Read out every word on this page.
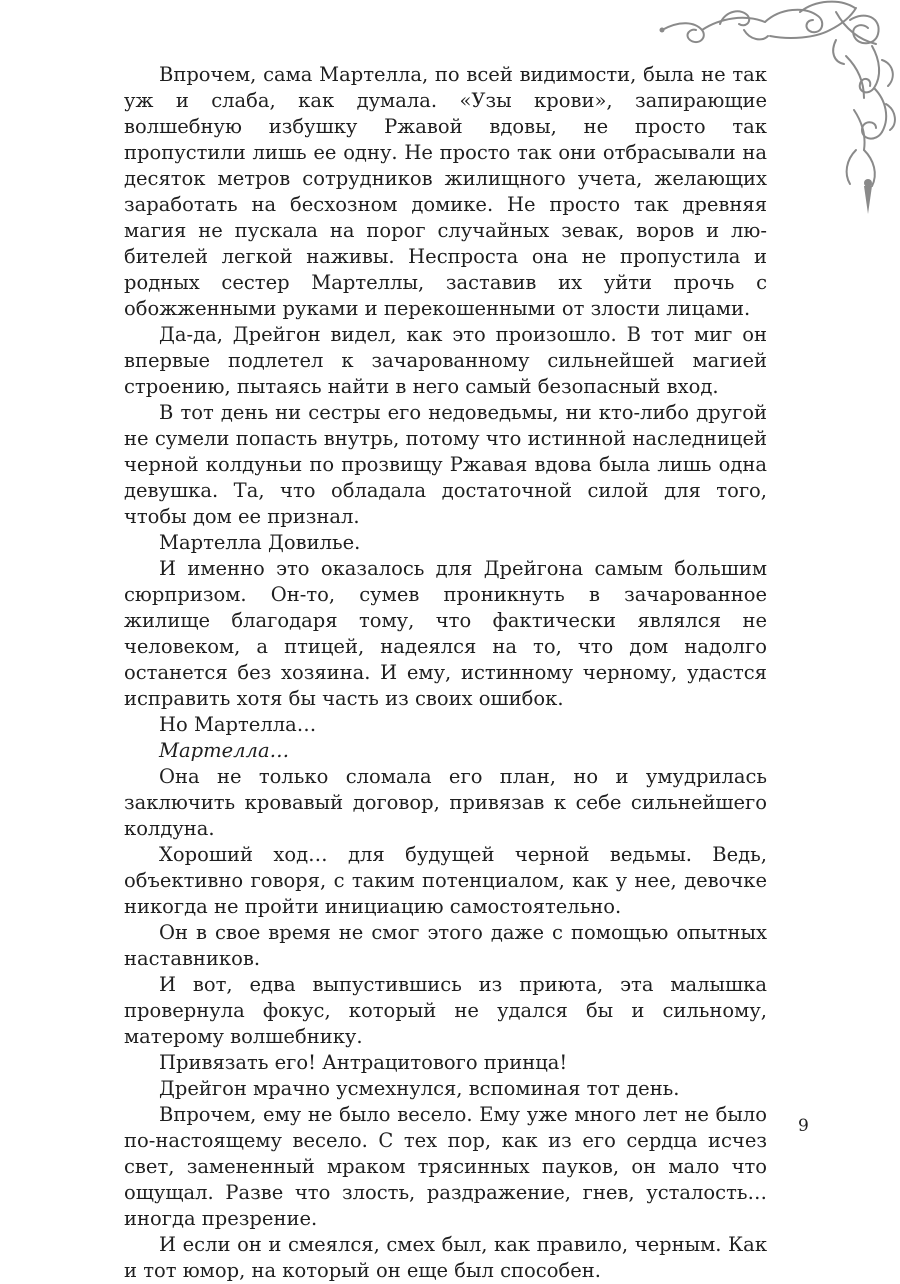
Впрочем, сама Мартелла, по всей видимости, была не так уж и слаба, как думала. «Узы крови», запирающие волшебную избушку Ржавой вдовы, не просто так пропустили лишь ее одну. Не просто так они отбрасывали на десяток метров сотрудников жилищного учета, желающих заработать на бесхозном домике. Не просто так древняя магия не пускала на порог случайных зевак, воров и любителей легкой наживы. Неспроста она не пропустила и родных сестер Мартеллы, заставив их уйти прочь с обожженными руками и перекошенными от злости лицами.

Да-да, Дрейгон видел, как это произошло. В тот миг он впервые подлетел к зачарованному сильнейшей магией строению, пытаясь найти в него самый безопасный вход.

В тот день ни сестры его недоведьмы, ни кто-либо другой не сумели попасть внутрь, потому что истинной наследницей черной колдуньи по прозвищу Ржавая вдова была лишь одна девушка. Та, что обладала достаточной силой для того, чтобы дом ее признал.

Мартелла Довилье.

И именно это оказалось для Дрейгона самым большим сюрпризом. Он-то, сумев проникнуть в зачарованное жилище благодаря тому, что фактически являлся не человеком, а птицей, надеялся на то, что дом надолго останется без хозяина. И ему, истинному черному, удастся исправить хотя бы часть из своих ошибок.

Но Мартелла…

Мартелла…

Она не только сломала его план, но и умудрилась заключить кровавый договор, привязав к себе сильнейшего колдуна.

Хороший ход… для будущей черной ведьмы. Ведь, объективно говоря, с таким потенциалом, как у нее, девочке никогда не пройти инициацию самостоятельно.

Он в свое время не смог этого даже с помощью опытных наставников.

И вот, едва выпустившись из приюта, эта малышка провернула фокус, который не удался бы и сильному, матерому волшебнику.

Привязать его! Антрацитового принца!

Дрейгон мрачно усмехнулся, вспоминая тот день.

Впрочем, ему не было весело. Ему уже много лет не было по-настоящему весело. С тех пор, как из его сердца исчез свет, замененный мраком трясинных пауков, он мало что ощущал. Разве что злость, раздражение, гнев, усталость… иногда презрение.

И если он и смеялся, смех был, как правило, черным. Как и тот юмор, на который он еще был способен.

9
